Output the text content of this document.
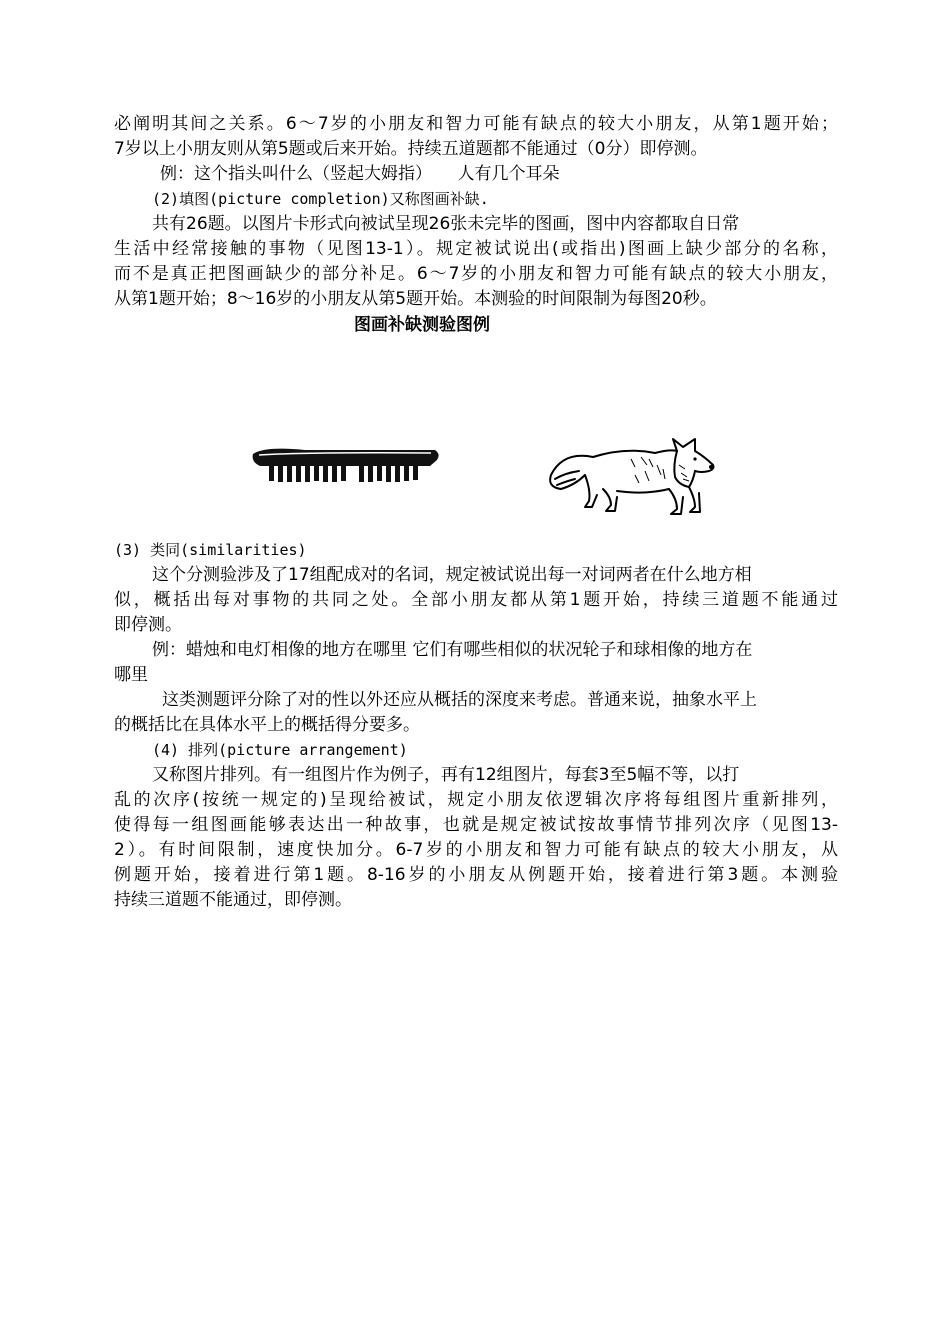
必阐明其间之关系。6～7岁的小朋友和智力可能有缺点的较大小朋友，从第1题开始；
7岁以上小朋友则从第5题或后来开始。持续五道题都不能通过（0分）即停测。
例：这个指头叫什么（竖起大姆指）　　人有几个耳朵
(2)填图(picture completion)又称图画补缺.
共有26题。以图片卡形式向被试呈现26张未完毕的图画，图中内容都取自日常
生活中经常接触的事物（见图13-1）。规定被试说出(或指出)图画上缺少部分的名称，
而不是真正把图画缺少的部分补足。6～7岁的小朋友和智力可能有缺点的较大小朋友，
从第1题开始；8～16岁的小朋友从第5题开始。本测验的时间限制为每图20秒。
图画补缺测验图例
(3) 类同(similarities)
这个分测验涉及了17组配成对的名词，规定被试说出每一对词两者在什么地方相
似，概括出每对事物的共同之处。全部小朋友都从第1题开始，持续三道题不能通过
即停测。
例：蜡烛和电灯相像的地方在哪里 它们有哪些相似的状况轮子和球相像的地方在
哪里
这类测题评分除了对的性以外还应从概括的深度来考虑。普通来说，抽象水平上
的概括比在具体水平上的概括得分要多。
(4) 排列(picture arrangement)
又称图片排列。有一组图片作为例子，再有12组图片，每套3至5幅不等，以打
乱的次序(按统一规定的)呈现给被试，规定小朋友依逻辑次序将每组图片重新排列，
使得每一组图画能够表达出一种故事，也就是规定被试按故事情节排列次序（见图13-
2）。有时间限制，速度快加分。6-7岁的小朋友和智力可能有缺点的较大小朋友，从
例题开始，接着进行第1题。8-16岁的小朋友从例题开始，接着进行第3题。本测验
持续三道题不能通过，即停测。
